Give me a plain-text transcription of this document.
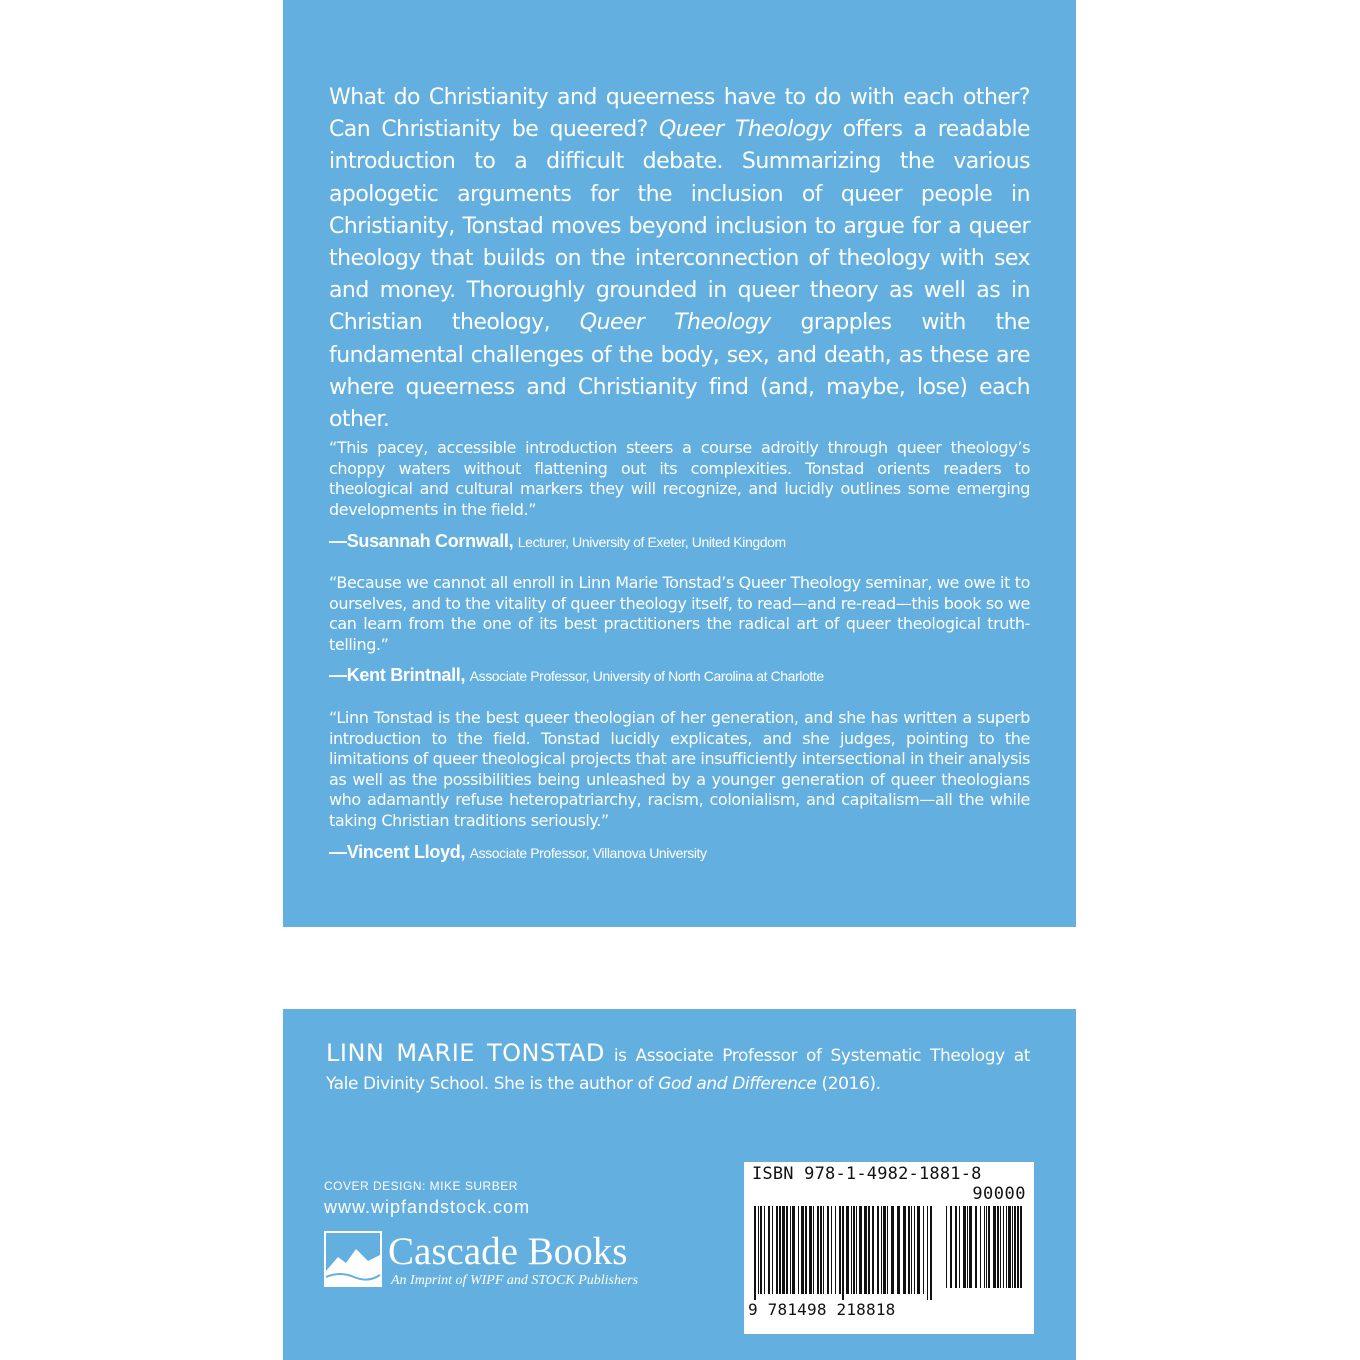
What do Christianity and queerness have to do with each other? Can Christianity be queered? Queer Theology offers a readable introduction to a difficult debate. Summarizing the various apologetic arguments for the inclusion of queer people in Christianity, Tonstad moves beyond inclusion to argue for a queer theology that builds on the interconnection of theology with sex and money. Thoroughly grounded in queer theory as well as in Christian theology, Queer Theology grapples with the fundamental challenges of the body, sex, and death, as these are where queerness and Christianity find (and, maybe, lose) each other.

“This pacey, accessible introduction steers a course adroitly through queer theology’s choppy waters without flattening out its complexities. Tonstad orients readers to theological and cultural markers they will recognize, and lucidly outlines some emerging developments in the field.”

—Susannah Cornwall, Lecturer, University of Exeter, United Kingdom

“Because we cannot all enroll in Linn Marie Tonstad’s Queer Theology seminar, we owe it to ourselves, and to the vitality of queer theology itself, to read—and re-read—this book so we can learn from the one of its best practitioners the radical art of queer theological truth-telling.”

—Kent Brintnall, Associate Professor, University of North Carolina at Charlotte

“Linn Tonstad is the best queer theologian of her generation, and she has written a superb introduction to the field. Tonstad lucidly explicates, and she judges, pointing to the limitations of queer theological projects that are insufficiently intersectional in their analysis as well as the possibilities being unleashed by a younger generation of queer theologians who adamantly refuse heteropatriarchy, racism, colonialism, and capitalism—all the while taking Christian traditions seriously.”

—Vincent Lloyd, Associate Professor, Villanova University

LINN MARIE TONSTAD is Associate Professor of Systematic Theology at Yale Divinity School. She is the author of God and Difference (2016).

COVER DESIGN: MIKE SURBER
www.wipfandstock.com
Cascade Books
An Imprint of WIPF and STOCK Publishers
ISBN 978-1-4982-1881-8
90000
9 781498 218818
